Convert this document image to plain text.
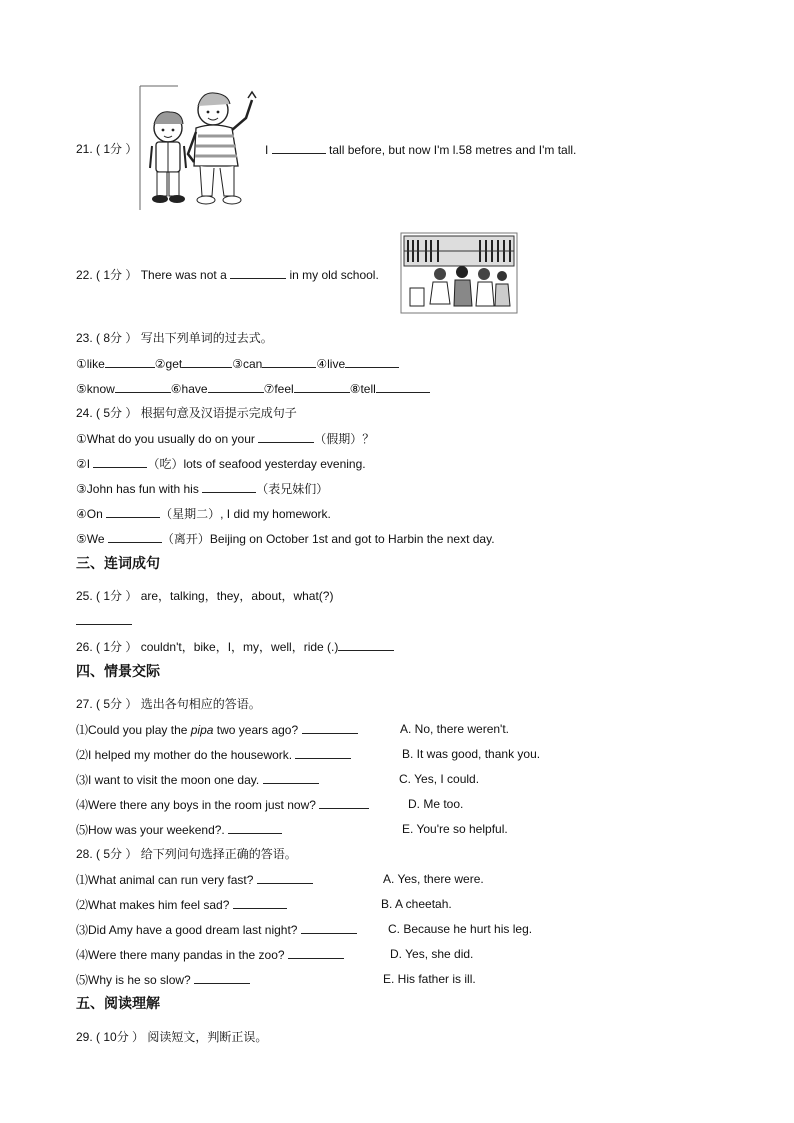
21. ( 1分 ）	I	tall before, but now I'm l.58 metres and I'm tall.
22. ( 1分 ） There was not a	in my old school.
23. ( 8分 ） 写出下列单词的过去式。
①like	②get	③can	④live
⑤know	⑥have	⑦feel	⑧tell
24. ( 5分 ） 根据句意及汉语提示完成句子
①What do you usually do on your	（假期）？
②I	（吃）lots of seafood yesterday evening.
③John has fun with his	（表兄妹们）
④On	（星期二）, I did my homework.
⑤We	（离开）Beijing on October 1st and got to Harbin the next day.
三、连词成句
25. ( 1分 ） are，talking，they，about，what(?)
26. ( 1分 ） couldn't，bike，I，my，well，ride (.)
四、情景交际
27. ( 5分 ） 选出各句相应的答语。
⑴Could you play the pipa two years ago?	A. No, there weren't.
⑵I helped my mother do the housework.	B. It was good, thank you.
⑶I want to visit the moon one day.	C. Yes, I could.
⑷Were there any boys in the room just now?	D. Me too.
⑸How was your weekend?.	E. You're so helpful.
28. ( 5分 ） 给下列问句选择正确的答语。
⑴What animal can run very fast?	A. Yes, there were.
⑵What makes him feel sad?	B. A cheetah.
⑶Did Amy have a good dream last night?	C. Because he hurt his leg.
⑷Were there many pandas in the zoo?	D. Yes, she did.
⑸Why is he so slow?	E. His father is ill.
五、阅读理解
29. ( 10分 ） 阅读短文，判断正误。
